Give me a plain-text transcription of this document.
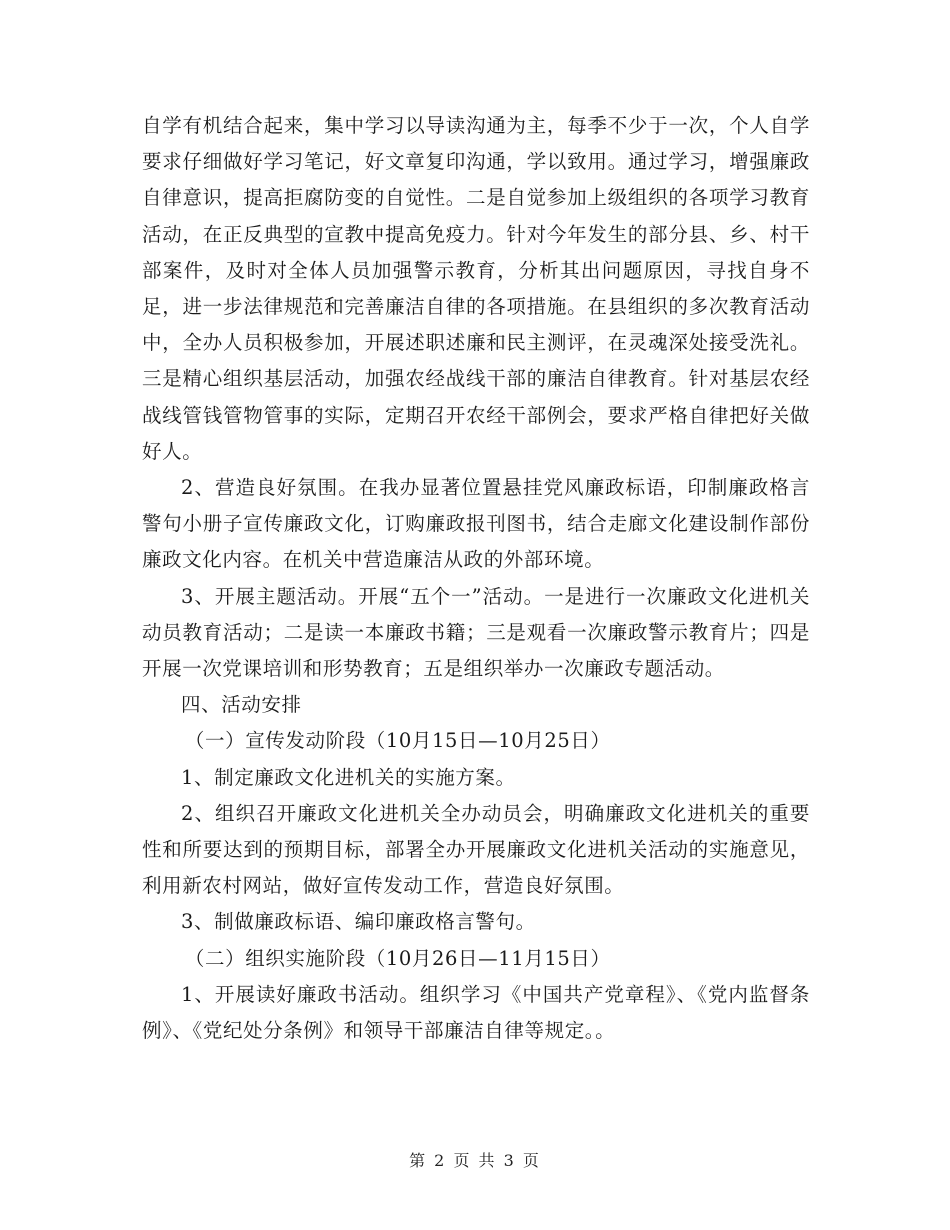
自学有机结合起来，集中学习以导读沟通为主，每季不少于一次，个人自学要求仔细做好学习笔记，好文章复印沟通，学以致用。通过学习，增强廉政自律意识，提高拒腐防变的自觉性。二是自觉参加上级组织的各项学习教育活动，在正反典型的宣教中提高免疫力。针对今年发生的部分县、乡、村干部案件，及时对全体人员加强警示教育，分析其出问题原因，寻找自身不足，进一步法律规范和完善廉洁自律的各项措施。在县组织的多次教育活动中，全办人员积极参加，开展述职述廉和民主测评，在灵魂深处接受洗礼。三是精心组织基层活动，加强农经战线干部的廉洁自律教育。针对基层农经战线管钱管物管事的实际，定期召开农经干部例会，要求严格自律把好关做好人。

2、营造良好氛围。在我办显著位置悬挂党风廉政标语，印制廉政格言警句小册子宣传廉政文化，订购廉政报刊图书，结合走廊文化建设制作部份廉政文化内容。在机关中营造廉洁从政的外部环境。

3、开展主题活动。开展“五个一”活动。一是进行一次廉政文化进机关动员教育活动；二是读一本廉政书籍；三是观看一次廉政警示教育片；四是开展一次党课培训和形势教育；五是组织举办一次廉政专题活动。

四、活动安排

（一）宣传发动阶段（10月15日—10月25日）

1、制定廉政文化进机关的实施方案。

2、组织召开廉政文化进机关全办动员会，明确廉政文化进机关的重要性和所要达到的预期目标，部署全办开展廉政文化进机关活动的实施意见，利用新农村网站，做好宣传发动工作，营造良好氛围。

3、制做廉政标语、编印廉政格言警句。

（二）组织实施阶段（10月26日—11月15日）

1、开展读好廉政书活动。组织学习《中国共产党章程》、《党内监督条例》、《党纪处分条例》和领导干部廉洁自律等规定。。

第 2 页 共 3 页
